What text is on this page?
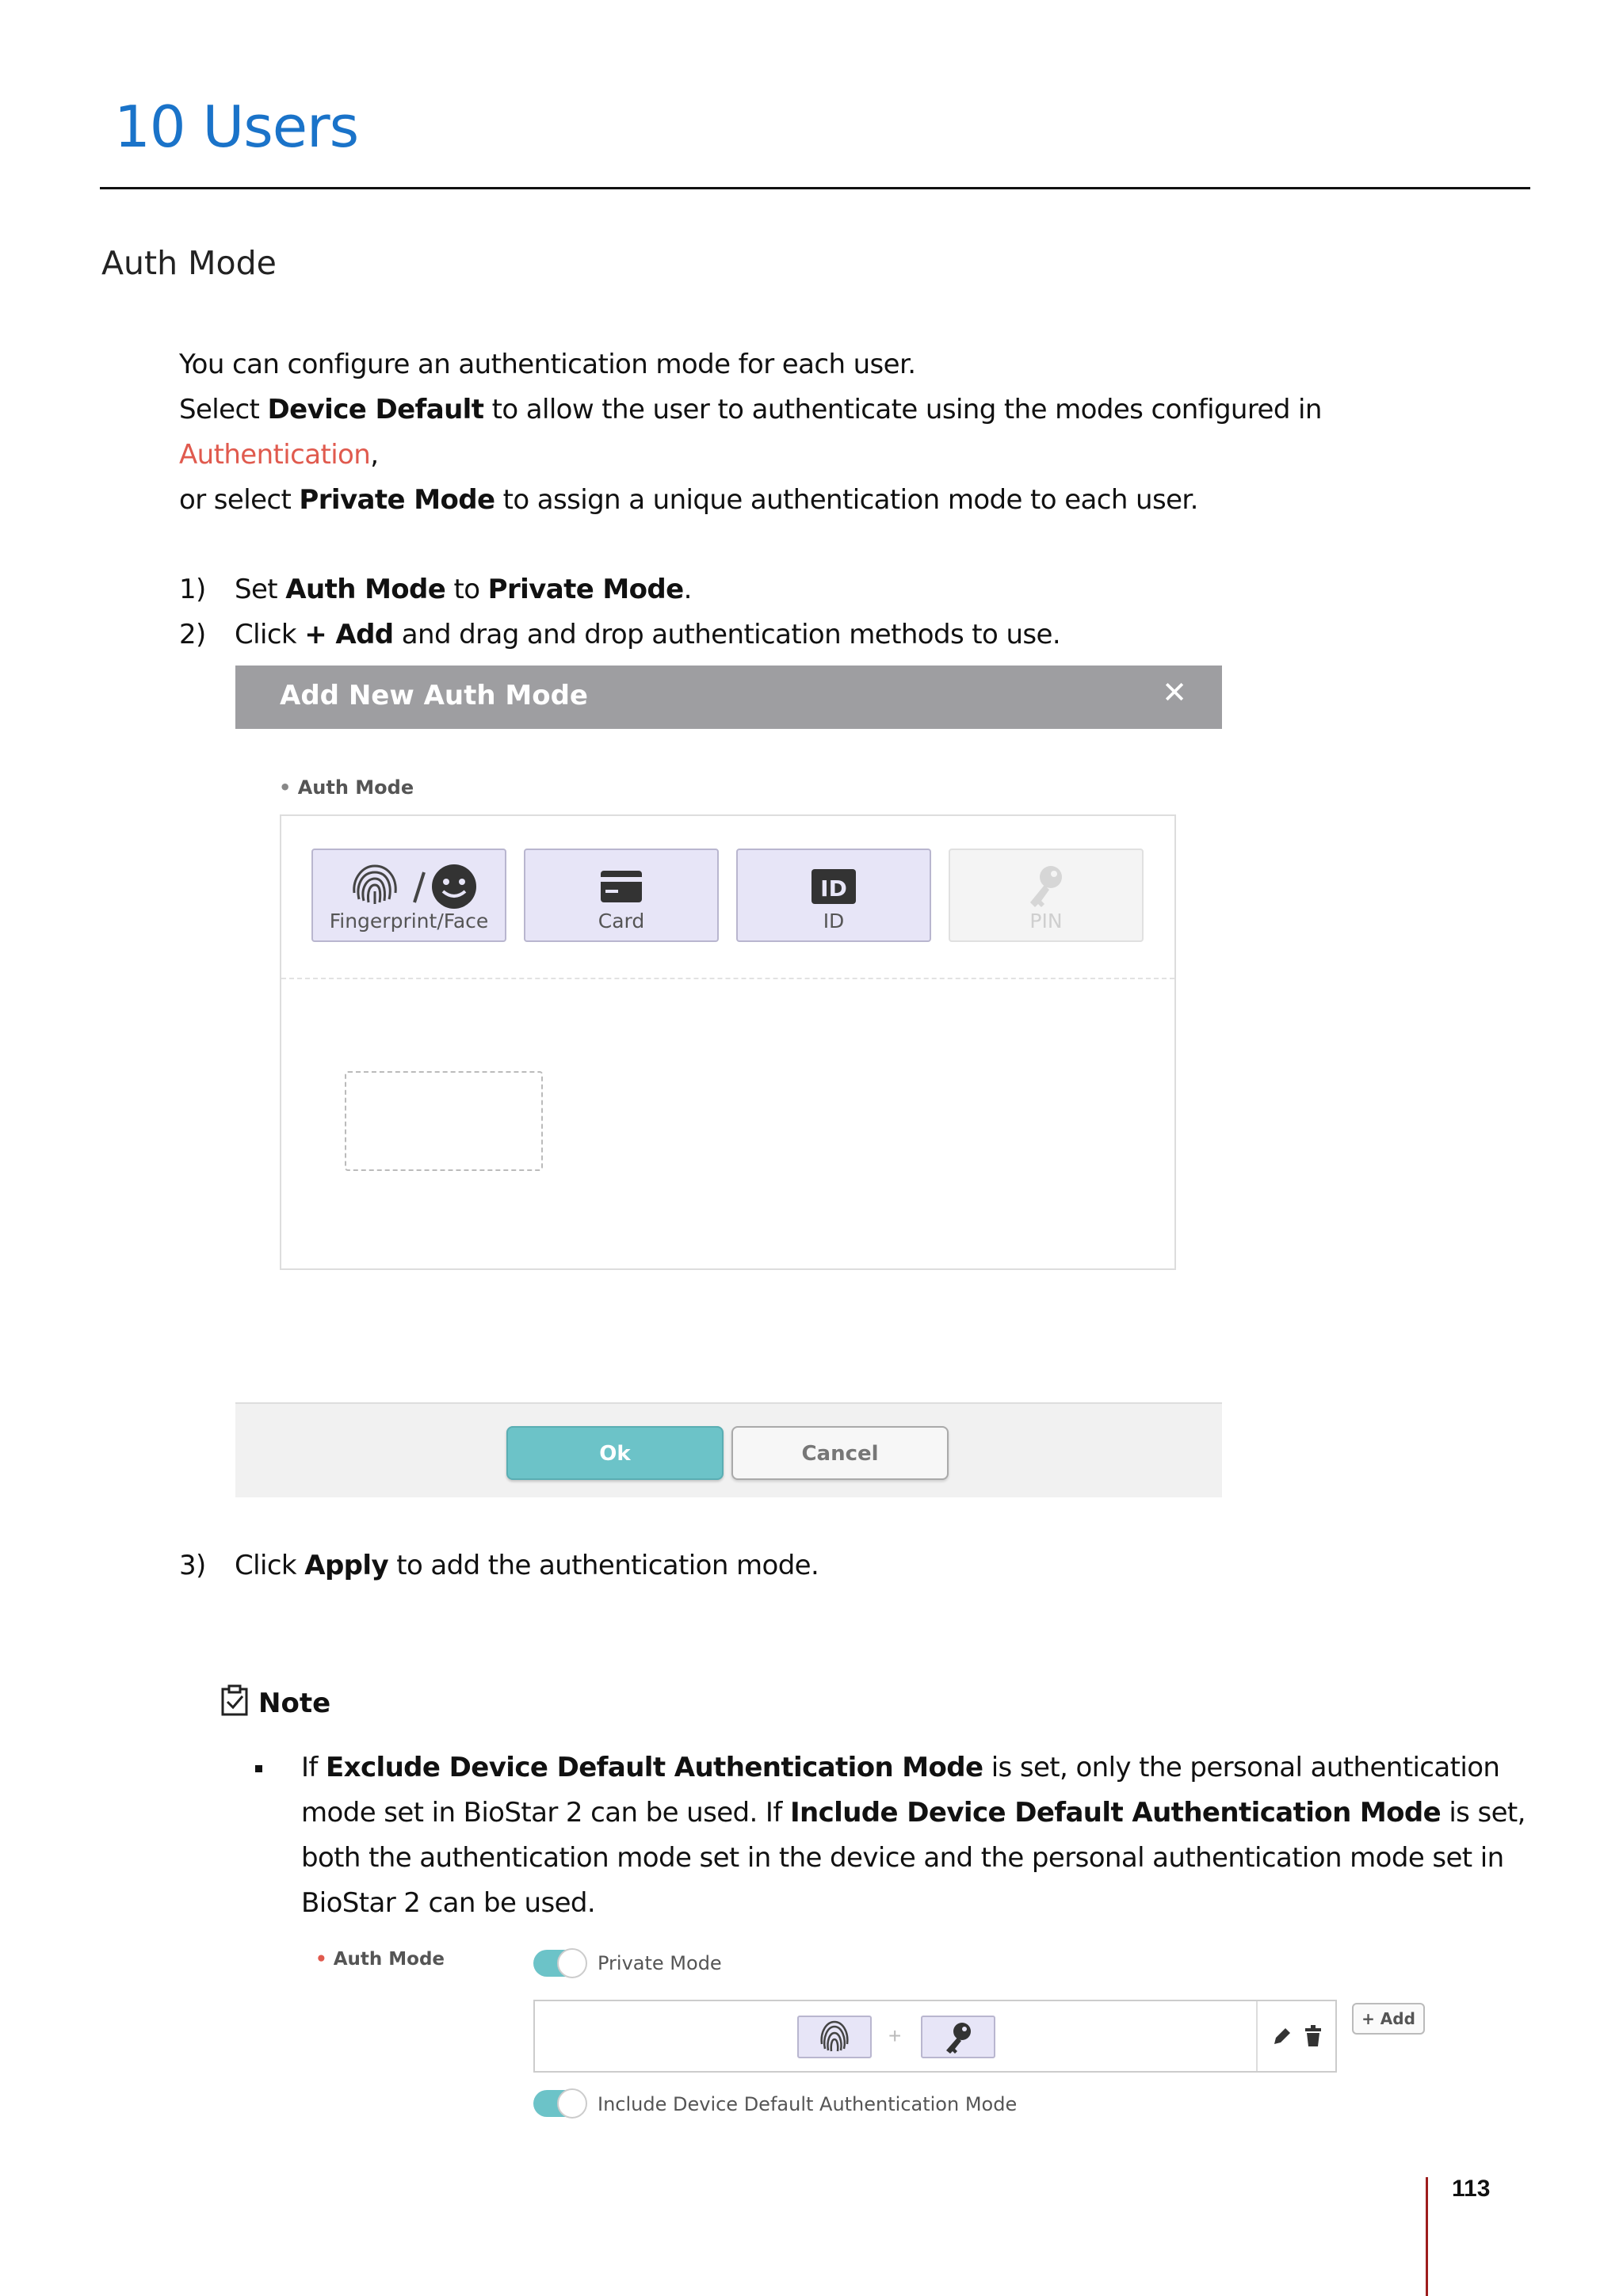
10 Users
Auth Mode
You can configure an authentication mode for each user.
Select Device Default to allow the user to authenticate using the modes configured in Authentication,
or select Private Mode to assign a unique authentication mode to each user.
1) Set Auth Mode to Private Mode.
2) Click + Add and drag and drop authentication methods to use.
Add New Auth Mode	✕
• Auth Mode
Fingerprint/Face	Card
ID
ID	PIN
Ok	Cancel
3) Click Apply to add the authentication mode.
Note
If Exclude Device Default Authentication Mode is set, only the personal authentication
mode set in BioStar 2 can be used. If Include Device Default Authentication Mode is set,
both the authentication mode set in the device and the personal authentication mode set in
BioStar 2 can be used.
• Auth Mode	Private Mode
+
+ Add
Include Device Default Authentication Mode
113
